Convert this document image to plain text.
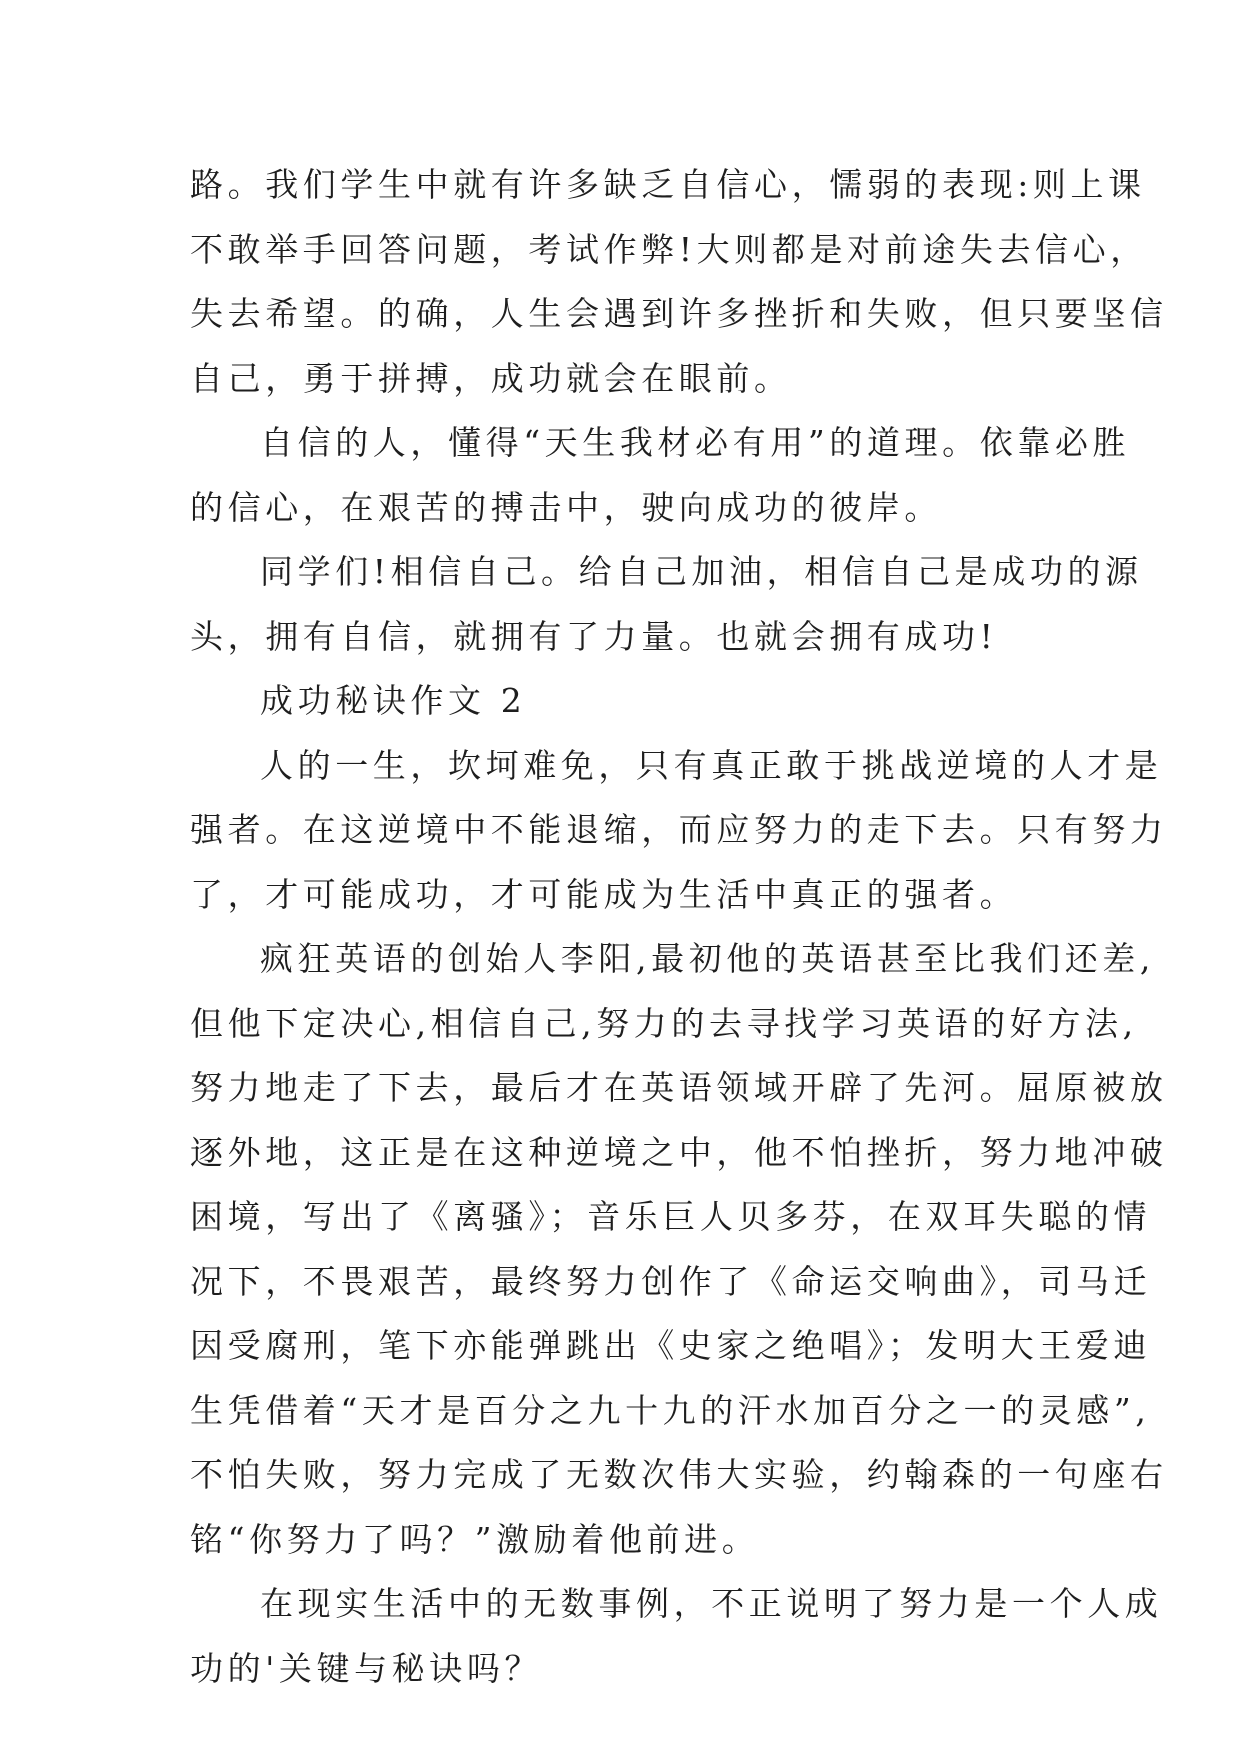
路。我们学生中就有许多缺乏自信心，懦弱的表现:则上课
不敢举手回答问题，考试作弊!大则都是对前途失去信心，
失去希望。的确，人生会遇到许多挫折和失败，但只要坚信
自己，勇于拼搏，成功就会在眼前。
自信的人，懂得“天生我材必有用”的道理。依靠必胜
的信心，在艰苦的搏击中，驶向成功的彼岸。
同学们!相信自己。给自己加油，相信自己是成功的源
头，拥有自信，就拥有了力量。也就会拥有成功!
成功秘诀作文 2
人的一生，坎坷难免，只有真正敢于挑战逆境的人才是
强者。在这逆境中不能退缩，而应努力的走下去。只有努力
了，才可能成功，才可能成为生活中真正的强者。
疯狂英语的创始人李阳,最初他的英语甚至比我们还差,
但他下定决心,相信自己,努力的去寻找学习英语的好方法,
努力地走了下去，最后才在英语领域开辟了先河。屈原被放
逐外地，这正是在这种逆境之中，他不怕挫折，努力地冲破
困境，写出了《离骚》；音乐巨人贝多芬，在双耳失聪的情
况下，不畏艰苦，最终努力创作了《命运交响曲》，司马迁
因受腐刑，笔下亦能弹跳出《史家之绝唱》；发明大王爱迪
生凭借着“天才是百分之九十九的汗水加百分之一的灵感”,
不怕失败，努力完成了无数次伟大实验，约翰森的一句座右
铭“你努力了吗？”激励着他前进。
在现实生活中的无数事例，不正说明了努力是一个人成
功的'关键与秘诀吗？
